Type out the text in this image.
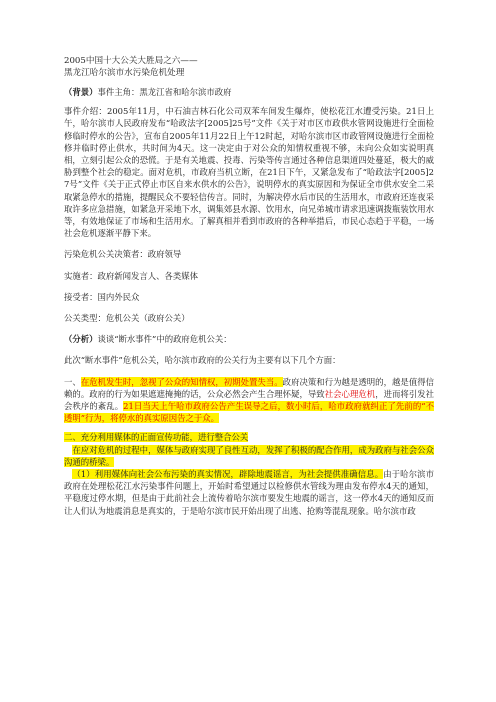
2005中国十大公关大胜局之六——

黑龙江哈尔滨市水污染危机处理

（背景）事件主角：黑龙江省和哈尔滨市政府

事件介绍：2005年11月，中石油吉林石化公司双苯车间发生爆炸，使松花江水遭受污染。21日上午，哈尔滨市人民政府发布“哈政法字[2005]25号”文件《关于对市区市政供水管网设施进行全面检修临时停水的公告》，宣布自2005年11月22日上午12时起，对哈尔滨市区市政管网设施进行全面检修并临时停止供水，共时间为4天。这一决定由于对公众的知情权重视不够，未向公众如实说明真相，立刻引起公众的恐慌。于是有关地震、投毒、污染等传言通过各种信息渠道四处蔓延，极大的威胁到整个社会的稳定。面对危机，市政府当机立断，在21日下午，又紧急发布了“哈政法字[2005]27号”文件《关于正式停止市区自来水供水的公告》，说明停水的真实原因和为保证全市供水安全二采取紧急停水的措施，提醒民众不要轻信传言。同时，为解决停水后市民的生活用水，市政府还连夜采取许多应急措施，如紧急开采地下水，调集郊县水源、饮用水，向兄弟城市请求迅速调拨瓶装饮用水等，有效地保证了市场和生活用水。了解真相并看到市政府的各种举措后，市民心态趋于平稳，一场社会危机逐渐平静下来。

污染危机公关决策者：政府领导

实施者：政府新闻发言人、各类媒体

接受者：国内外民众

公关类型：危机公关（政府公关）

（分析）谈谈“断水事件”中的政府危机公关：

此次“断水事件”危机公关，哈尔滨市政府的公关行为主要有以下几个方面：

一、在危机发生时，忽视了公众的知情权，初期处置失当。政府决策和行为越是透明的，越是值得信赖的。政府的行为如果遮遮掩掩的话，公众必然会产生合理怀疑，导致社会心理危机，进而将引发社会秩序的紊乱。21日当天上午哈市政府公告产生误导之后，数小时后，哈市政府就纠正了先前的“不透明”行为，将停水的真实原因告之于众。

二、充分利用媒体的正面宣传功能，进行整合公关

在应对危机的过程中，媒体与政府实现了良性互动，发挥了积极的配合作用，成为政府与社会公众沟通的桥梁。

（1）利用媒体向社会公布污染的真实情况，辟除地震谣言，为社会提供准确信息。由于哈尔滨市政府在处理松花江水污染事件问题上，开始时希望通过以检修供水管线为理由发布停水4天的通知，平稳度过停水期，但是由于此前社会上流传着哈尔滨市要发生地震的谣言，这一停水4天的通知反而让人们认为地震消息是真实的，于是哈尔滨市民开始出现了出逃、抢购等混乱现象。哈尔滨市政
